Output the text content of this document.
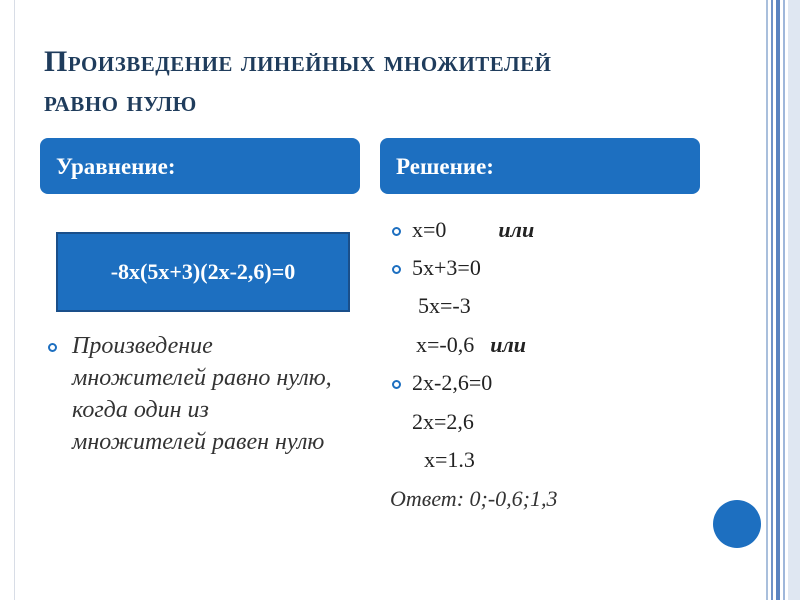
Произведение линейных множителей
равно нулю
Уравнение:	Решение:
-8x(5x+3)(2x-2,6)=0
Произведение множителей равно нулю, когда один из множителей равен нулю
x=0 или
5x+3=0
5x=-3
x=-0,6 или
2x-2,6=0
2x=2,6
x=1.3
Ответ: 0;-0,6;1,3
